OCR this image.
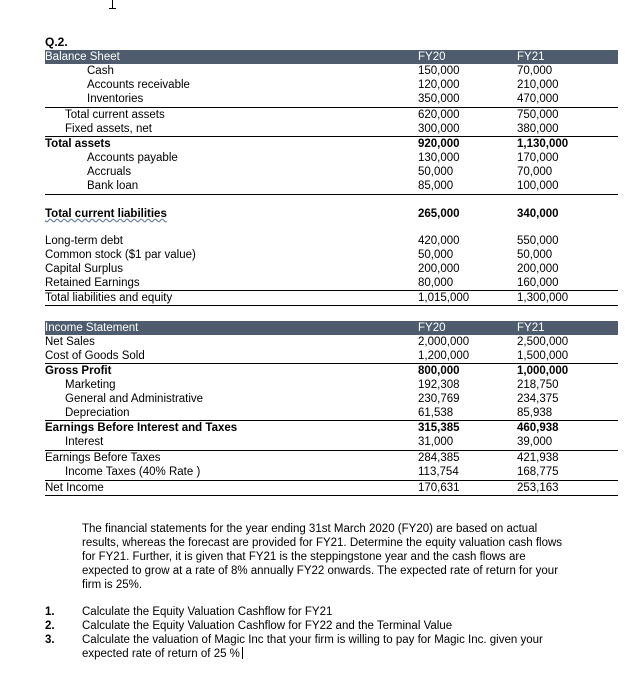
Q.2.
Balance Sheet	FY20	FY21
Cash	150,000	70,000
Accounts receivable	120,000	210,000
Inventories	350,000	470,000
Total current assets	620,000	750,000
Fixed assets, net	300,000	380,000
Total assets	920,000	1,130,000
Accounts payable	130,000	170,000
Accruals	50,000	70,000
Bank loan	85,000	100,000
Total current liabilities	265,000	340,000
Long-term debt	420,000	550,000
Common stock ($1 par value)	50,000	50,000
Capital Surplus	200,000	200,000
Retained Earnings	80,000	160,000
Total liabilities and equity	1,015,000	1,300,000
Income Statement	FY20	FY21
Net Sales	2,000,000	2,500,000
Cost of Goods Sold	1,200,000	1,500,000
Gross Profit	800,000	1,000,000
Marketing	192,308	218,750
General and Administrative	230,769	234,375
Depreciation	61,538	85,938
Earnings Before Interest and Taxes	315,385	460,938
Interest	31,000	39,000
Earnings Before Taxes	284,385	421,938
Income Taxes (40% Rate )	113,754	168,775
Net Income	170,631	253,163
The financial statements for the year ending 31st March 2020 (FY20) are based on actual results, whereas the forecast are provided for FY21. Determine the equity valuation cash flows for FY21. Further, it is given that FY21 is the steppingstone year and the cash flows are expected to grow at a rate of 8% annually FY22 onwards. The expected rate of return for your firm is 25%.
1. Calculate the Equity Valuation Cashflow for FY21
2. Calculate the Equity Valuation Cashflow for FY22 and the Terminal Value
3. Calculate the valuation of Magic Inc that your firm is willing to pay for Magic Inc. given your expected rate of return of 25 %
